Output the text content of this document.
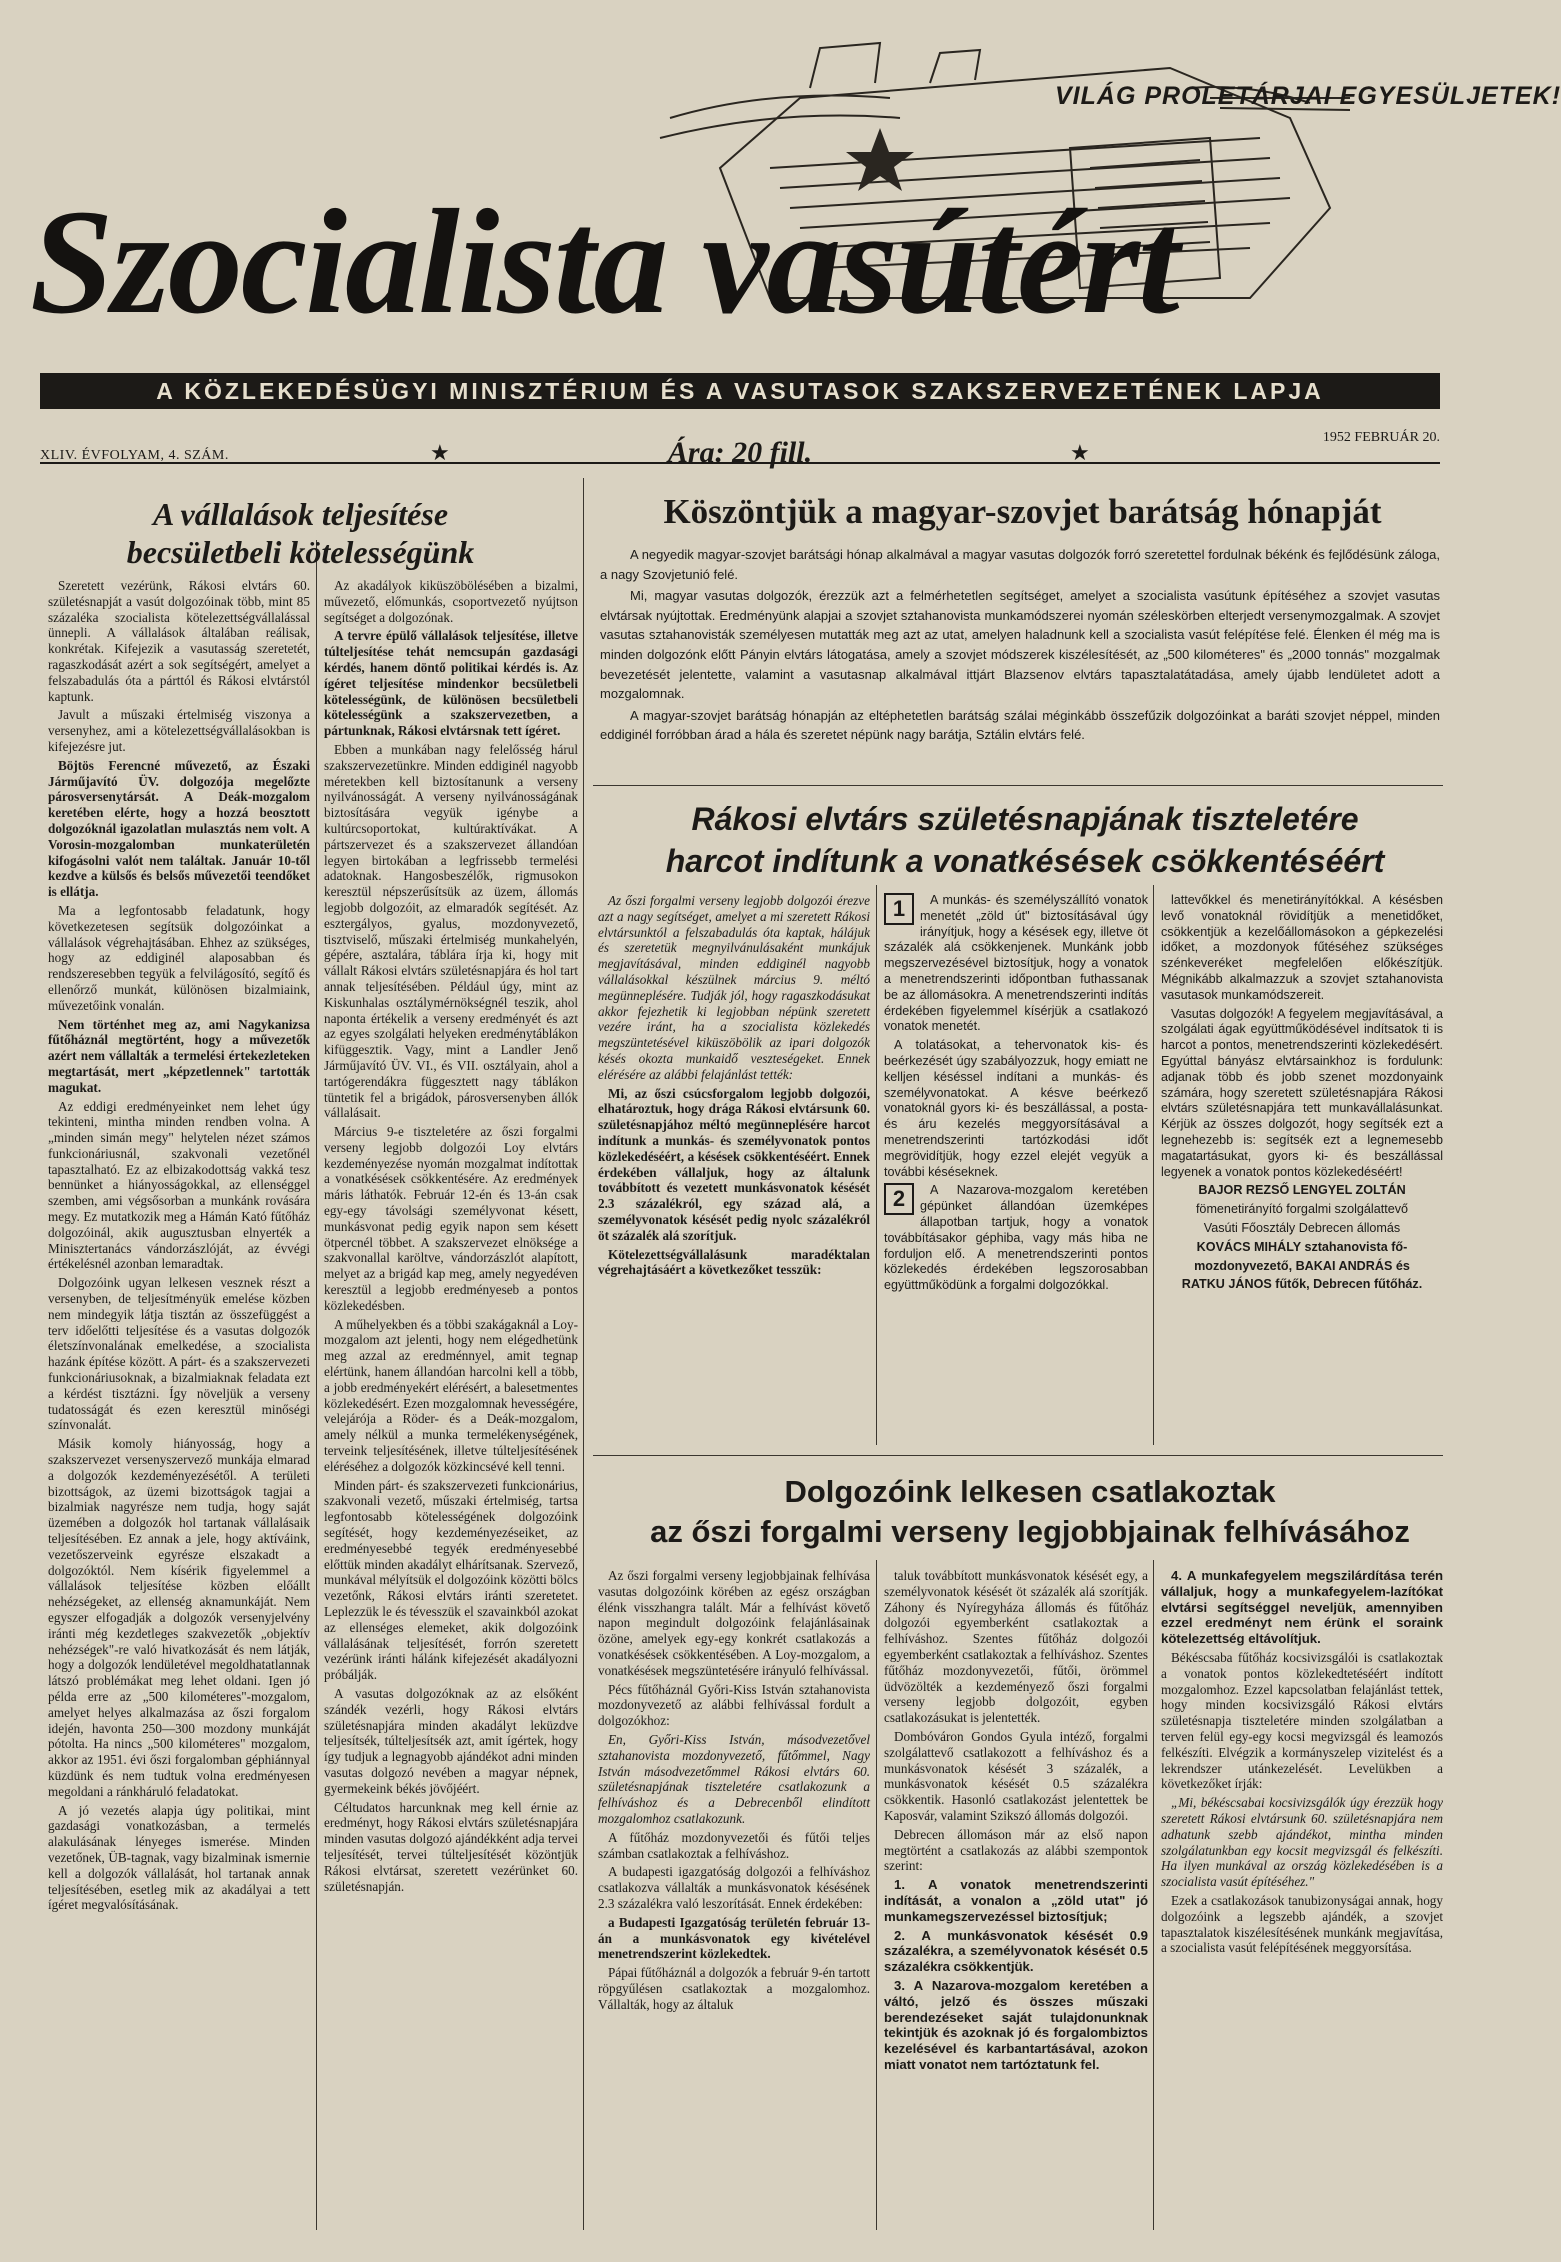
VILÁG PROLETÁRJAI EGYESÜLJETEK!
Szocialista vasútért
A KÖZLEKEDÉSÜGYI MINISZTÉRIUM ÉS A VASUTASOK SZAKSZERVEZETÉNEK LAPJA
XLIV. ÉVFOLYAM, 4. SZÁM.	★	Ára: 20 fill.	★
1952 FEBRUÁR 20.
A vállalások teljesítése
becsületbeli kötelességünk

Szeretett vezérünk, Rákosi elvtárs 60. születésnapját a vasút dolgozóinak több, mint 85 százaléka szocialista kötelezettségvállalással ünnepli. A vállalások általában reálisak, konkrétak. Kifejezik a vasutasság szeretetét, ragaszkodását azért a sok segítségért, amelyet a felszabadulás óta a párttól és Rákosi elvtárstól kaptunk.

Javult a műszaki értelmiség viszonya a versenyhez, ami a kötelezettségvállalásokban is kifejezésre jut.

Böjtös Ferencné művezető, az Északi Járműjavító ÜV. dolgozója megelőzte párosversenytársát. A Deák-mozgalom keretében elérte, hogy a hozzá beosztott dolgozóknál igazolatlan mulasztás nem volt. A Vorosin-mozgalomban munkaterületén kifogásolni valót nem találtak. Január 10-től kezdve a külsős és belsős művezetői teendőket is ellátja.

Ma a legfontosabb feladatunk, hogy következetesen segítsük dolgozóinkat a vállalások végrehajtásában. Ehhez az szükséges, hogy az eddiginél alaposabban és rendszeresebben tegyük a felvilágosító, segítő és ellenőrző munkát, különösen bizalmiaink, művezetőink vonalán.

Nem történhet meg az, ami Nagykanizsa fűtőháznál megtörtént, hogy a művezetők azért nem vállalták a termelési értekezleteken megtartását, mert „képzetlennek" tartották magukat.

Az eddigi eredményeinket nem lehet úgy tekinteni, mintha minden rendben volna. A „minden simán megy" helytelen nézet számos funkcionáriusnál, szakvonali vezetőnél tapasztalható. Ez az elbizakodottság vakká tesz bennünket a hiányosságokkal, az ellenséggel szemben, ami végsősorban a munkánk rovására megy. Ez mutatkozik meg a Hámán Kató fűtőház dolgozóinál, akik augusztusban elnyerték a Minisztertanács vándorzászlóját, az évvégi értékelésnél azonban lemaradtak.

Dolgozóink ugyan lelkesen vesznek részt a versenyben, de teljesítményük emelése közben nem mindegyik látja tisztán az összefüggést a terv időelőtti teljesítése és a vasutas dolgozók életszínvonalának emelkedése, a szocialista hazánk építése között. A párt- és a szakszervezeti funkcionáriusoknak, a bizalmiaknak feladata ezt a kérdést tisztázni. Így növeljük a verseny tudatosságát és ezen keresztül minőségi színvonalát.

Másik komoly hiányosság, hogy a szakszervezet versenyszervező munkája elmarad a dolgozók kezdeményezésétől. A területi bizottságok, az üzemi bizottságok tagjai a bizalmiak nagyrésze nem tudja, hogy saját üzemében a dolgozók hol tartanak vállalásaik teljesítésében. Ez annak a jele, hogy aktíváink, vezetőszerveink egyrésze elszakadt a dolgozóktól. Nem kísérik figyelemmel a vállalások teljesítése közben előállt nehézségeket, az ellenség aknamunkáját. Nem egyszer elfogadják a dolgozók versenyjelvény iránti még kezdetleges szakvezetők „objektív nehézségek"-re való hivatkozását és nem látják, hogy a dolgozók lendületével megoldhatatlannak látszó problémákat meg lehet oldani. Igen jó példa erre az „500 kilométeres"-mozgalom, amelyet helyes alkalmazása az őszi forgalom idején, havonta 250—300 mozdony munkáját pótolta. Ha nincs „500 kilométeres" mozgalom, akkor az 1951. évi őszi forgalomban géphiánnyal küzdünk és nem tudtuk volna eredményesen megoldani a ránkháruló feladatokat.

A jó vezetés alapja úgy politikai, mint gazdasági vonatkozásban, a termelés alakulásának lényeges ismerése. Minden vezetőnek, ÜB-tagnak, vagy bizalminak ismernie kell a dolgozók vállalását, hol tartanak annak teljesítésében, esetleg mik az akadályai a tett ígéret megvalósításának.

Az akadályok kiküszöbölésében a bizalmi, művezető, előmunkás, csoportvezető nyújtson segítséget a dolgozónak.

A tervre épülő vállalások teljesítése, illetve túlteljesítése tehát nemcsupán gazdasági kérdés, hanem döntő politikai kérdés is. Az ígéret teljesítése mindenkor becsületbeli kötelességünk, de különösen becsületbeli kötelességünk a szakszervezetben, a pártunknak, Rákosi elvtársnak tett ígéret.

Ebben a munkában nagy felelősség hárul szakszervezetünkre. Minden eddiginél nagyobb méretekben kell biztosítanunk a verseny nyilvánosságát. A verseny nyilvánosságának biztosítására vegyük igénybe a kultúrcsoportokat, kultúraktívákat. A pártszervezet és a szakszervezet állandóan legyen birtokában a legfrissebb termelési adatoknak. Hangosbeszélők, rigmusokon keresztül népszerűsítsük az üzem, állomás legjobb dolgozóit, az elmaradók segítését. Az esztergályos, gyalus, mozdonyvezető, tisztviselő, műszaki értelmiség munkahelyén, gépére, asztalára, táblára írja ki, hogy mit vállalt Rákosi elvtárs születésnapjára és hol tart annak teljesítésében. Például úgy, mint az Kiskunhalas osztálymérnökségnél teszik, ahol naponta értékelik a verseny eredményét és azt az egyes szolgálati helyeken eredménytáblákon kifüggesztik. Vagy, mint a Landler Jenő Járműjavító ÜV. VI., és VII. osztályain, ahol a tartógerendákra függesztett nagy táblákon tüntetik fel a brigádok, párosversenyben állók vállalásait.

Március 9-e tiszteletére az őszi forgalmi verseny legjobb dolgozói Loy elvtárs kezdeményezése nyomán mozgalmat indítottak a vonatkésések csökkentésére. Az eredmények máris láthatók. Február 12-én és 13-án csak egy-egy távolsági személyvonat késett, munkásvonat pedig egyik napon sem késett ötpercnél többet. A szakszervezet elnöksége a szakvonallal karöltve, vándorzászlót alapított, melyet az a brigád kap meg, amely negyedéven keresztül a legjobb eredményeseb a pontos közlekedésben.

A műhelyekben és a többi szakágaknál a Loy-mozgalom azt jelenti, hogy nem elégedhetünk meg azzal az eredménnyel, amit tegnap elértünk, hanem állandóan harcolni kell a több, a jobb eredményekért elérésért, a balesetmentes közlekedésért. Ezen mozgalomnak hevességére, velejárója a Röder- és a Deák-mozgalom, amely nélkül a munka termelékenységének, terveink teljesítésének, illetve túlteljesítésének eléréséhez a dolgozók közkincsévé kell tenni.

Minden párt- és szakszervezeti funkcionárius, szakvonali vezető, műszaki értelmiség, tartsa legfontosabb kötelességének dolgozóink segítését, hogy kezdeményezéseiket, az eredményesebbé tegyék eredményesebbé előttük minden akadályt elhárítsanak. Szervező, munkával mélyítsük el dolgozóink közötti bölcs vezetőnk, Rákosi elvtárs iránti szeretetet. Leplezzük le és tévesszük el szavainkból azokat az ellenséges elemeket, akik dolgozóink vállalásának teljesítését, forrón szeretett vezérünk iránti hálánk kifejezését akadályozni próbálják.

A vasutas dolgozóknak az az elsőként szándék vezérli, hogy Rákosi elvtárs születésnapjára minden akadályt leküzdve teljesítsék, túlteljesítsék azt, amit ígértek, hogy így tudjuk a legnagyobb ajándékot adni minden vasutas dolgozó nevében a magyar népnek, gyermekeink békés jövőjéért.

Céltudatos harcunknak meg kell érnie az eredményt, hogy Rákosi elvtárs születésnapjára minden vasutas dolgozó ajándékként adja tervei teljesítését, tervei túlteljesítését közöntjük Rákosi elvtársat, szeretett vezérünket 60. születésnapján.

Köszöntjük a magyar-szovjet barátság hónapját

A negyedik magyar-szovjet barátsági hónap alkalmával a magyar vasutas dolgozók forró szeretettel fordulnak békénk és fejlődésünk záloga, a nagy Szovjetunió felé.

Mi, magyar vasutas dolgozók, érezzük azt a felmérhetetlen segítséget, amelyet a szocialista vasútunk építéséhez a szovjet vasutas elvtársak nyújtottak. Eredményünk alapjai a szovjet sztahanovista munkamódszerei nyomán széleskörben elterjedt versenymozgalmak. A szovjet vasutas sztahanovisták személyesen mutatták meg azt az utat, amelyen haladnunk kell a szocialista vasút felépítése felé. Élenken él még ma is minden dolgozónk előtt Pányin elvtárs látogatása, amely a szovjet módszerek kiszélesítését, az „500 kilométeres" és „2000 tonnás" mozgalmak bevezetését jelentette, valamint a vasutasnap alkalmával ittjárt Blazsenov elvtárs tapasztalatátadása, amely újabb lendületet adott a mozgalomnak.

A magyar-szovjet barátság hónapján az eltéphetetlen barátság szálai méginkább összefűzik dolgozóinkat a baráti szovjet néppel, minden eddiginél forróbban árad a hála és szeretet népünk nagy barátja, Sztálin elvtárs felé.

Rákosi elvtárs születésnapjának tiszteletére
harcot indítunk a vonatkésések csökkentéséért

Az őszi forgalmi verseny legjobb dolgozói érezve azt a nagy segítséget, amelyet a mi szeretett Rákosi elvtársunktól a felszabadulás óta kaptak, hálájuk és szeretetük megnyilvánulásaként munkájuk megjavításával, minden eddiginél nagyobb vállalásokkal készülnek március 9. méltó megünneplésére. Tudják jól, hogy ragaszkodásukat akkor fejezhetik ki legjobban népünk szeretett vezére iránt, ha a szocialista közlekedés megszüntetésével kiküszöbölik az ipari dolgozók késés okozta munkaidő veszteségeket. Ennek elérésére az alábbi felajánlást tették:

Mi, az őszi csúcsforgalom legjobb dolgozói, elhatároztuk, hogy drága Rákosi elvtársunk 60. születésnapjához méltó megünneplésére harcot indítunk a munkás- és személyvonatok pontos közlekedéséért, a késések csökkentéséért. Ennek érdekében vállaljuk, hogy az általunk továbbított és vezetett munkásvonatok késését 2.3 százalékról, egy század alá, a személyvonatok késését pedig nyolc százalékról öt százalék alá szorítjuk.

Kötelezettségvállalásunk maradéktalan végrehajtásáért a következőket tesszük:

1	A munkás- és személyszállító vonatok menetét „zöld út" biztosításával úgy irányítjuk, hogy a késések egy, illetve öt százalék alá csökkenjenek. Munkánk jobb megszervezésével biztosítjuk, hogy a vonatok a menetrendszerinti időpontban futhassanak be az állomásokra. A menetrendszerinti indítás érdekében figyelemmel kísérjük a csatlakozó vonatok menetét.

A tolatásokat, a tehervonatok kis- és beérkezését úgy szabályozzuk, hogy emiatt ne kelljen késéssel indítani a munkás- és személyvonatokat. A késve beérkező vonatoknál gyors ki- és beszállással, a posta- és áru kezelés meggyorsításával a menetrendszerinti tartózkodási időt megrövidítjük, hogy ezzel elejét vegyük a további késéseknek.

2	A Nazarova-mozgalom keretében gépünket állandóan üzemképes állapotban tartjuk, hogy a vonatok továbbításakor géphiba, vagy más hiba ne forduljon elő. A menetrendszerinti pontos közlekedés érdekében legszorosabban együttműködünk a forgalmi dolgozókkal.

lattevőkkel és menetirányítókkal. A késésben levő vonatoknál rövidítjük a menetidőket, csökkentjük a kezelőállomásokon a gépkezelési időket, a mozdonyok fűtéséhez szükséges szénkeveréket megfelelően előkészítjük. Mégnikább alkalmazzuk a szovjet sztahanovista vasutasok munkamódszereit.

Vasutas dolgozók! A fegyelem megjavításával, a szolgálati ágak együttműködésével indítsatok ti is harcot a pontos, menetrendszerinti közlekedésért. Egyúttal bányász elvtársainkhoz is fordulunk: adjanak több és jobb szenet mozdonyaink számára, hogy szeretett születésnapjára Rákosi elvtárs születésnapjára tett munkavállalásunkat. Kérjük az összes dolgozót, hogy segítsék ezt a legnehezebb is: segítsék ezt a legnemesebb magatartásukat, gyors ki- és beszállással legyenek a vonatok pontos közlekedéséért!

BAJOR REZSŐ LENGYEL ZOLTÁN

fömenetirányító forgalmi szolgálattevő

Vasúti Főosztály Debrecen állomás

KOVÁCS MIHÁLY sztahanovista fő-

mozdonyvezető, BAKAI ANDRÁS és

RATKU JÁNOS fűtők, Debrecen fűtőház.

Dolgozóink lelkesen csatlakoztak
az őszi forgalmi verseny legjobbjainak felhívásához

Az őszi forgalmi verseny legjobbjainak felhívása vasutas dolgozóink körében az egész országban élénk visszhangra talált. Már a felhívást követő napon megindult dolgozóink felajánlásainak özöne, amelyek egy-egy konkrét csatlakozás a vonatkésések csökkentésében. A Loy-mozgalom, a vonatkésések megszüntetésére irányuló felhívással.

Pécs fűtőháznál Győri-Kiss István sztahanovista mozdonyvezető az alábbi felhívással fordult a dolgozókhoz:

En, Győri-Kiss István, másodvezetővel sztahanovista mozdonyvezető, fűtőmmel, Nagy István másodvezetőmmel Rákosi elvtárs 60. születésnapjának tiszteletére csatlakozunk a felhíváshoz és a Debrecenből elindított mozgalomhoz csatlakozunk.

A fűtőház mozdonyvezetői és fűtői teljes számban csatlakoztak a felhíváshoz.

A budapesti igazgatóság dolgozói a felhíváshoz csatlakozva vállalták a munkásvonatok késésének 2.3 százalékra való leszorítását. Ennek érdekében:

a Budapesti Igazgatóság területén február 13-án a munkásvonatok egy kivételével menetrendszerint közlekedtek.

Pápai fűtőháznál a dolgozók a február 9-én tartott röpgyűlésen csatlakoztak a mozgalomhoz. Vállalták, hogy az általuk

taluk továbbított munkásvonatok késését egy, a személyvonatok késését öt százalék alá szorítják. Záhony és Nyíregyháza állomás és fűtőház dolgozói egyemberként csatlakoztak a felhíváshoz. Szentes fűtőház dolgozói egyemberként csatlakoztak a felhíváshoz. Szentes fűtőház mozdonyvezetői, fűtői, örömmel üdvözölték a kezdeményező őszi forgalmi verseny legjobb dolgozóit, egyben csatlakozásukat is jelentették.

Dombóváron Gondos Gyula intéző, forgalmi szolgálattevő csatlakozott a felhíváshoz és a munkásvonatok késését 3 százalék, a munkásvonatok késését 0.5 százalékra csökkentik. Hasonló csatlakozást jelentettek be Kaposvár, valamint Szikszó állomás dolgozói.

Debrecen állomáson már az első napon megtörtént a csatlakozás az alábbi szempontok szerint:

1. A vonatok menetrendszerinti indítását, a vonalon a „zöld utat" jó munkamegszervezéssel biztosítjuk;

2. A munkásvonatok késését 0.9 százalékra, a személyvonatok késését 0.5 százalékra csökkentjük.

3. A Nazarova-mozgalom keretében a váltó, jelző és összes műszaki berendezéseket saját tulajdonunknak tekintjük és azoknak jó és forgalombiztos kezelésével és karbantartásával, azokon miatt vonatot nem tartóztatunk fel.

4. A munkafegyelem megszilárdítása terén vállaljuk, hogy a munkafegyelem-lazítókat elvtársi segítséggel neveljük, amennyiben ezzel eredményt nem érünk el soraink kötelezettség eltávolítjuk.

Békéscsaba fűtőház kocsivizsgálói is csatlakoztak a vonatok pontos közlekedtetéséért indított mozgalomhoz. Ezzel kapcsolatban felajánlást tettek, hogy minden kocsivizsgáló Rákosi elvtárs születésnapja tiszteletére minden szolgálatban a terven felül egy-egy kocsi megvizsgál és leamozós felkészíti. Elvégzik a kormányszelep vizitelést és a lekrendszer utánkezelését. Levelükben a következőket írják:

„Mi, békéscsabai kocsivizsgálók úgy érezzük hogy szeretett Rákosi elvtársunk 60. születésnapjára nem adhatunk szebb ajándékot, mintha minden szolgálatunkban egy kocsit megvizsgál és felkészíti. Ha ilyen munkával az ország közlekedésében is a szocialista vasút építéséhez."

Ezek a csatlakozások tanubizonyságai annak, hogy dolgozóink a legszebb ajándék, a szovjet tapasztalatok kiszélesítésének munkánk megjavítása, a szocialista vasút felépítésének meggyorsítása.
